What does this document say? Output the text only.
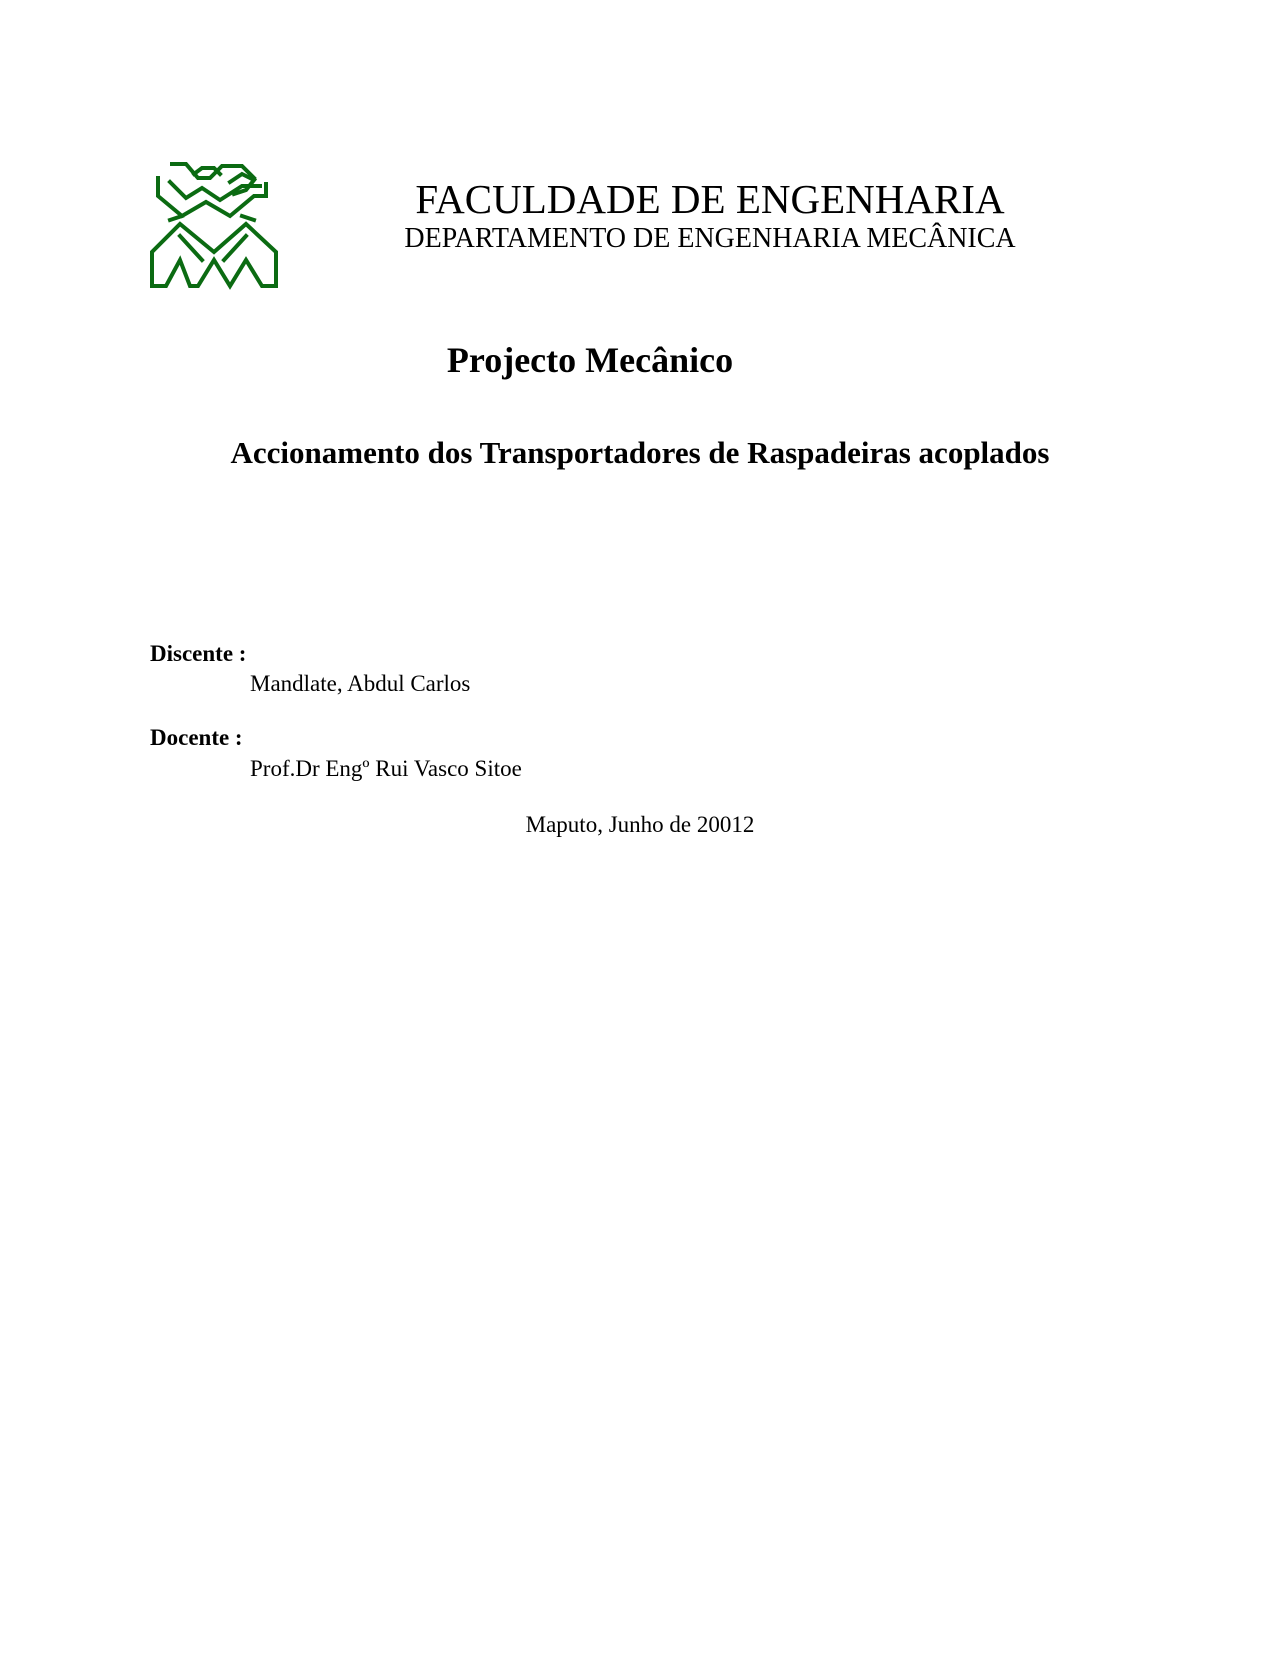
FACULDADE DE ENGENHARIA
DEPARTAMENTO DE ENGENHARIA MECÂNICA
Projecto Mecânico
Accionamento dos Transportadores de Raspadeiras acoplados
Discente :
Mandlate, Abdul Carlos
Docente :
Prof.Dr Engº Rui Vasco Sitoe
Maputo, Junho de 20012
